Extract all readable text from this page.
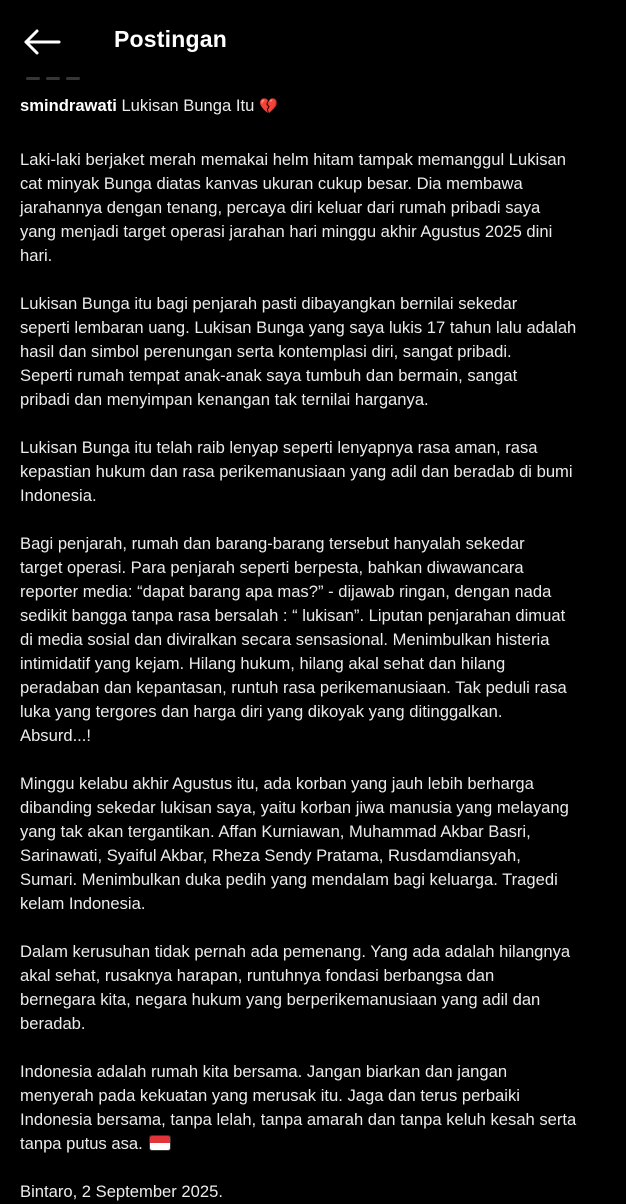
Postingan
smindrawati Lukisan Bunga Itu 💔

Laki-laki berjaket merah memakai helm hitam tampak memanggul Lukisan
cat minyak Bunga diatas kanvas ukuran cukup besar. Dia membawa
jarahannya dengan tenang, percaya diri keluar dari rumah pribadi saya
yang menjadi target operasi jarahan hari minggu akhir Agustus 2025 dini
hari.

Lukisan Bunga itu bagi penjarah pasti dibayangkan bernilai sekedar
seperti lembaran uang. Lukisan Bunga yang saya lukis 17 tahun lalu adalah
hasil dan simbol perenungan serta kontemplasi diri, sangat pribadi.
Seperti rumah tempat anak-anak saya tumbuh dan bermain, sangat
pribadi dan menyimpan kenangan tak ternilai harganya.

Lukisan Bunga itu telah raib lenyap seperti lenyapnya rasa aman, rasa
kepastian hukum dan rasa perikemanusiaan yang adil dan beradab di bumi
Indonesia.

Bagi penjarah, rumah dan barang-barang tersebut hanyalah sekedar
target operasi. Para penjarah seperti berpesta, bahkan diwawancara
reporter media: “dapat barang apa mas?” - dijawab ringan, dengan nada
sedikit bangga tanpa rasa bersalah : “ lukisan”. Liputan penjarahan dimuat
di media sosial dan diviralkan secara sensasional. Menimbulkan histeria
intimidatif yang kejam. Hilang hukum, hilang akal sehat dan hilang
peradaban dan kepantasan, runtuh rasa perikemanusiaan. Tak peduli rasa
luka yang tergores dan harga diri yang dikoyak yang ditinggalkan.
Absurd...!

Minggu kelabu akhir Agustus itu, ada korban yang jauh lebih berharga
dibanding sekedar lukisan saya, yaitu korban jiwa manusia yang melayang
yang tak akan tergantikan. Affan Kurniawan, Muhammad Akbar Basri,
Sarinawati, Syaiful Akbar, Rheza Sendy Pratama, Rusdamdiansyah,
Sumari. Menimbulkan duka pedih yang mendalam bagi keluarga. Tragedi
kelam Indonesia.

Dalam kerusuhan tidak pernah ada pemenang. Yang ada adalah hilangnya
akal sehat, rusaknya harapan, runtuhnya fondasi berbangsa dan
bernegara kita, negara hukum yang berperikemanusiaan yang adil dan
beradab.

Indonesia adalah rumah kita bersama. Jangan biarkan dan jangan
menyerah pada kekuatan yang merusak itu. Jaga dan terus perbaiki
Indonesia bersama, tanpa lelah, tanpa amarah dan tanpa keluh kesah serta
tanpa putus asa.

Bintaro, 2 September 2025.
